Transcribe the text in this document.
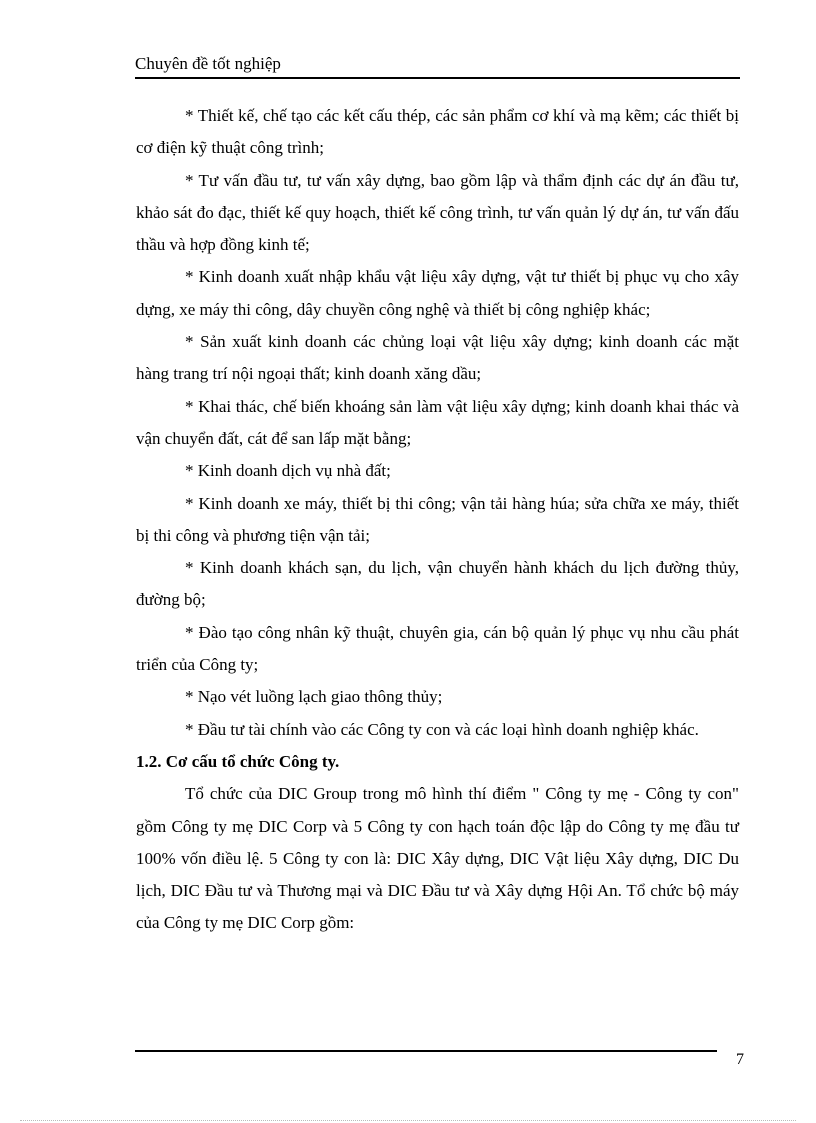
Chuyên đề tốt nghiệp

* Thiết kế, chế tạo các kết cấu thép, các sản phẩm cơ khí và mạ kẽm; các thiết bị cơ điện kỹ thuật công trình;

* Tư vấn đầu tư, tư vấn xây dựng, bao gồm lập và thẩm định các dự án đầu tư, khảo sát đo đạc, thiết kế quy hoạch, thiết kế công trình, tư vấn quản lý dự án, tư vấn đấu thầu và hợp đồng kinh tế;

* Kinh doanh xuất nhập khẩu vật liệu xây dựng, vật tư thiết bị phục vụ cho xây dựng, xe máy thi công, dây chuyền công nghệ và thiết bị công nghiệp khác;

* Sản xuất kinh doanh các chủng loại vật liệu xây dựng; kinh doanh các mặt hàng trang trí nội ngoại thất; kinh doanh xăng dầu;

* Khai thác, chế biến khoáng sản làm vật liệu xây dựng; kinh doanh khai thác và vận chuyển đất, cát để san lấp mặt bằng;

* Kinh doanh dịch vụ nhà đất;

* Kinh doanh xe máy, thiết bị thi công; vận tải hàng húa; sửa chữa xe máy, thiết bị thi công và phương tiện vận tải;

* Kinh doanh khách sạn, du lịch, vận chuyển hành khách du lịch đường thủy, đường bộ;

* Đào tạo công nhân kỹ thuật, chuyên gia, cán bộ quản lý phục vụ nhu cầu phát triển của Công ty;

* Nạo vét luồng lạch giao thông thủy;

* Đầu tư tài chính vào các Công ty con và các loại hình doanh nghiệp khác.

1.2. Cơ cấu tổ chức Công ty.

Tổ chức của DIC Group trong mô hình thí điểm " Công ty mẹ - Công ty con" gồm Công ty mẹ DIC Corp và 5 Công ty con hạch toán độc lập do Công ty mẹ đầu tư 100% vốn điều lệ. 5 Công ty con là: DIC Xây dựng, DIC Vật liệu Xây dựng, DIC Du lịch, DIC Đầu tư và Thương mại và DIC Đầu tư và Xây dựng Hội An. Tổ chức bộ máy của Công ty mẹ DIC Corp gồm:

7
